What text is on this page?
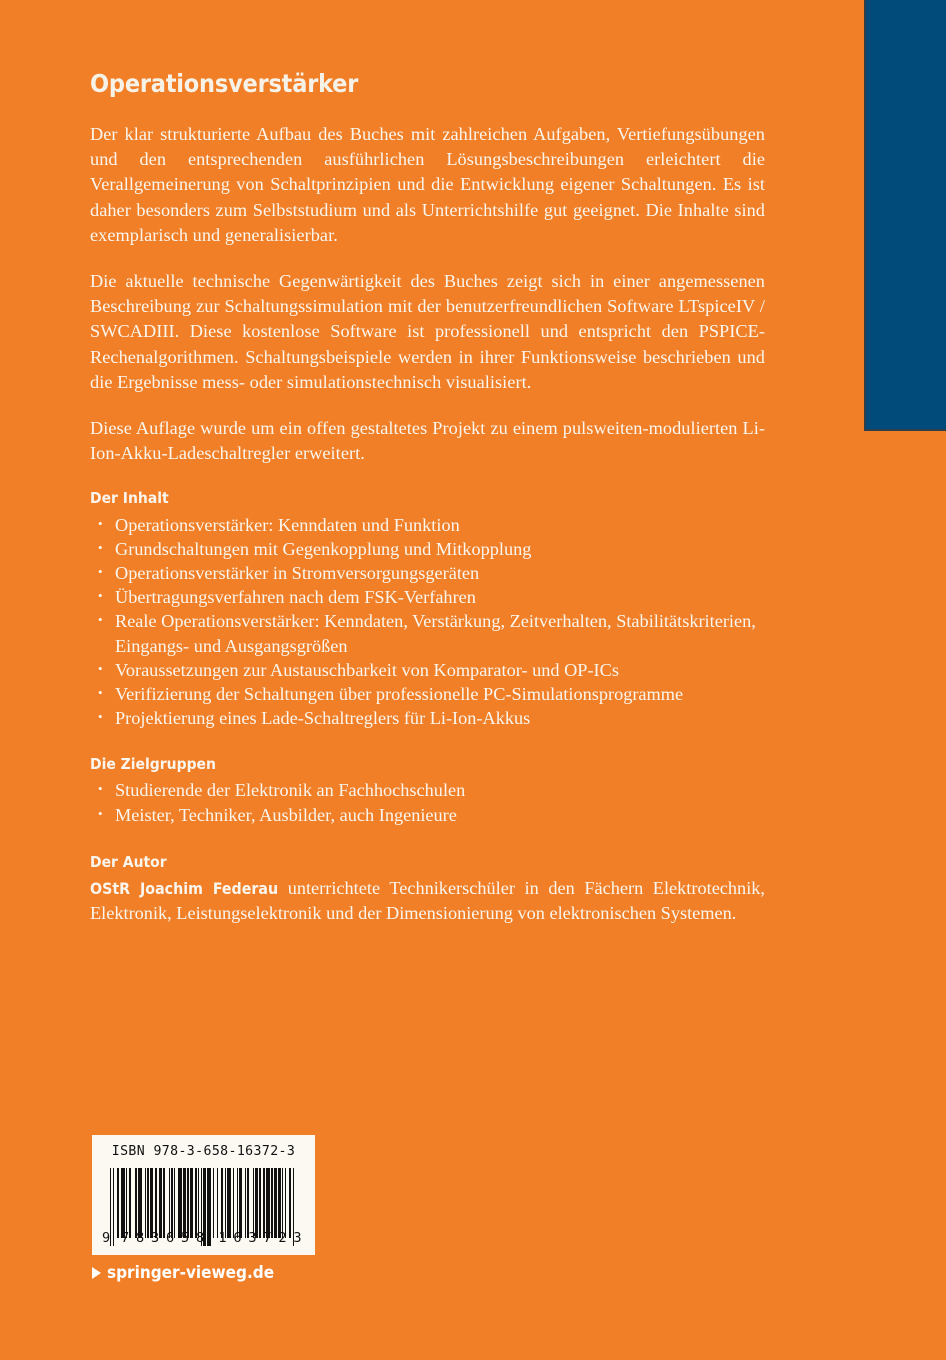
Operationsverstärker

Der klar strukturierte Aufbau des Buches mit zahlreichen Aufgaben, Vertiefungsübungen und den entsprechenden ausführlichen Lösungsbeschreibungen erleichtert die Verallgemeinerung von Schaltprinzipien und die Entwicklung eigener Schaltungen. Es ist daher besonders zum Selbststudium und als Unterrichtshilfe gut geeignet. Die Inhalte sind exemplarisch und generalisierbar.

Die aktuelle technische Gegenwärtigkeit des Buches zeigt sich in einer angemessenen Beschreibung zur Schaltungssimulation mit der benutzerfreundlichen Software LTspiceIV / SWCADIII. Diese kostenlose Software ist professionell und entspricht den PSPICE-Rechenalgorithmen. Schaltungsbeispiele werden in ihrer Funktionsweise beschrieben und die Ergebnisse mess- oder simulationstechnisch visualisiert.

Diese Auflage wurde um ein offen gestaltetes Projekt zu einem pulsweiten-modulierten Li-Ion-Akku-Ladeschaltregler erweitert.

Der Inhalt
• Operationsverstärker: Kenndaten und Funktion
• Grundschaltungen mit Gegenkopplung und Mitkopplung
• Operationsverstärker in Stromversorgungsgeräten
• Übertragungsverfahren nach dem FSK-Verfahren
• Reale Operationsverstärker: Kenndaten, Verstärkung, Zeitverhalten, Stabilitätskriterien, Eingangs- und Ausgangsgrößen
• Voraussetzungen zur Austauschbarkeit von Komparator- und OP-ICs
• Verifizierung der Schaltungen über professionelle PC-Simulationsprogramme
• Projektierung eines Lade-Schaltreglers für Li-Ion-Akkus
Die Zielgruppen
• Studierende der Elektronik an Fachhochschulen
• Meister, Techniker, Ausbilder, auch Ingenieure
Der Autor

OStR Joachim Federau unterrichtete Technikerschüler in den Fächern Elektrotechnik, Elektronik, Leistungselektronik und der Dimensionierung von elektronischen Systemen.

ISBN 978-3-658-16372-3
9 7 8 3 6 5 8 1 6 3 7 2 3
springer-vieweg.de
